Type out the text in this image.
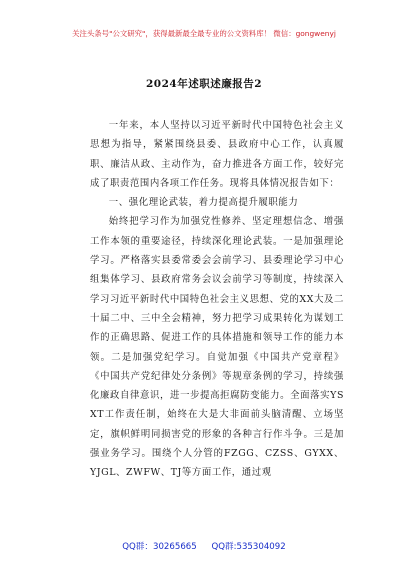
关注头条号"公文研究"，获得最新最全最专业的公文资料库！ 微信：gongwenyj
2024年述职述廉报告2

一年来，本人坚持以习近平新时代中国特色社会主义思想为指导，紧紧围绕县委、县政府中心工作，认真履职、廉洁从政、主动作为，奋力推进各方面工作，较好完成了职责范围内各项工作任务。现将具体情况报告如下：

一、强化理论武装，着力提高提升履职能力

始终把学习作为加强党性修养、坚定理想信念、增强工作本领的重要途径，持续深化理论武装。一是加强理论学习。严格落实县委常委会会前学习、县委理论学习中心组集体学习、县政府常务会议会前学习等制度，持续深入学习习近平新时代中国特色社会主义思想、党的XX大及二十届二中、三中全会精神，努力把学习成果转化为谋划工作的正确思路、促进工作的具体措施和领导工作的能力本领。二是加强党纪学习。自觉加强《中国共产党章程》《中国共产党纪律处分条例》等规章条例的学习，持续强化廉政自律意识，进一步提高拒腐防变能力。全面落实YSXT工作责任制，始终在大是大非面前头脑清醒、立场坚定，旗帜鲜明同损害党的形象的各种言行作斗争。三是加强业务学习。围绕个人分管的FZGG、CZSS、GYXX、YJGL、ZWFW、TJ等方面工作，通过观

QQ群：30265665 QQ群:535304092
